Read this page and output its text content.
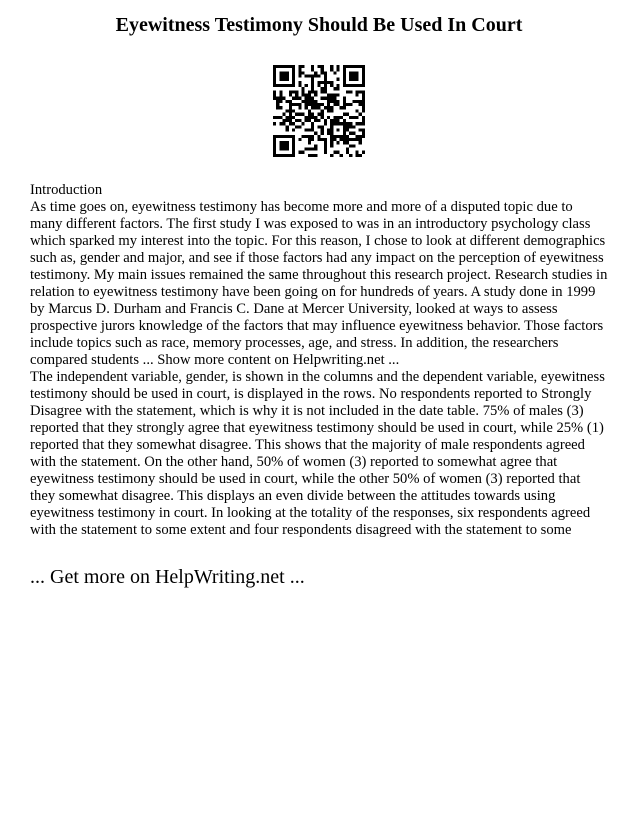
Eyewitness Testimony Should Be Used In Court

Introduction

As time goes on, eyewitness testimony has become more and more of a disputed topic due to many different factors. The first study I was exposed to was in an introductory psychology class which sparked my interest into the topic. For this reason, I chose to look at different demographics such as, gender and major, and see if those factors had any impact on the perception of eyewitness testimony. My main issues remained the same throughout this research project. Research studies in relation to eyewitness testimony have been going on for hundreds of years. A study done in 1999 by Marcus D. Durham and Francis C. Dane at Mercer University, looked at ways to assess prospective jurors knowledge of the factors that may influence eyewitness behavior. Those factors include topics such as race, memory processes, age, and stress. In addition, the researchers compared students ... Show more content on Helpwriting.net ...

The independent variable, gender, is shown in the columns and the dependent variable, eyewitness testimony should be used in court, is displayed in the rows. No respondents reported to Strongly Disagree with the statement, which is why it is not included in the date table. 75% of males (3) reported that they strongly agree that eyewitness testimony should be used in court, while 25% (1) reported that they somewhat disagree. This shows that the majority of male respondents agreed with the statement. On the other hand, 50% of women (3) reported to somewhat agree that eyewitness testimony should be used in court, while the other 50% of women (3) reported that they somewhat disagree. This displays an even divide between the attitudes towards using eyewitness testimony in court. In looking at the totality of the responses, six respondents agreed with the statement to some extent and four respondents disagreed with the statement to some

... Get more on HelpWriting.net ...
